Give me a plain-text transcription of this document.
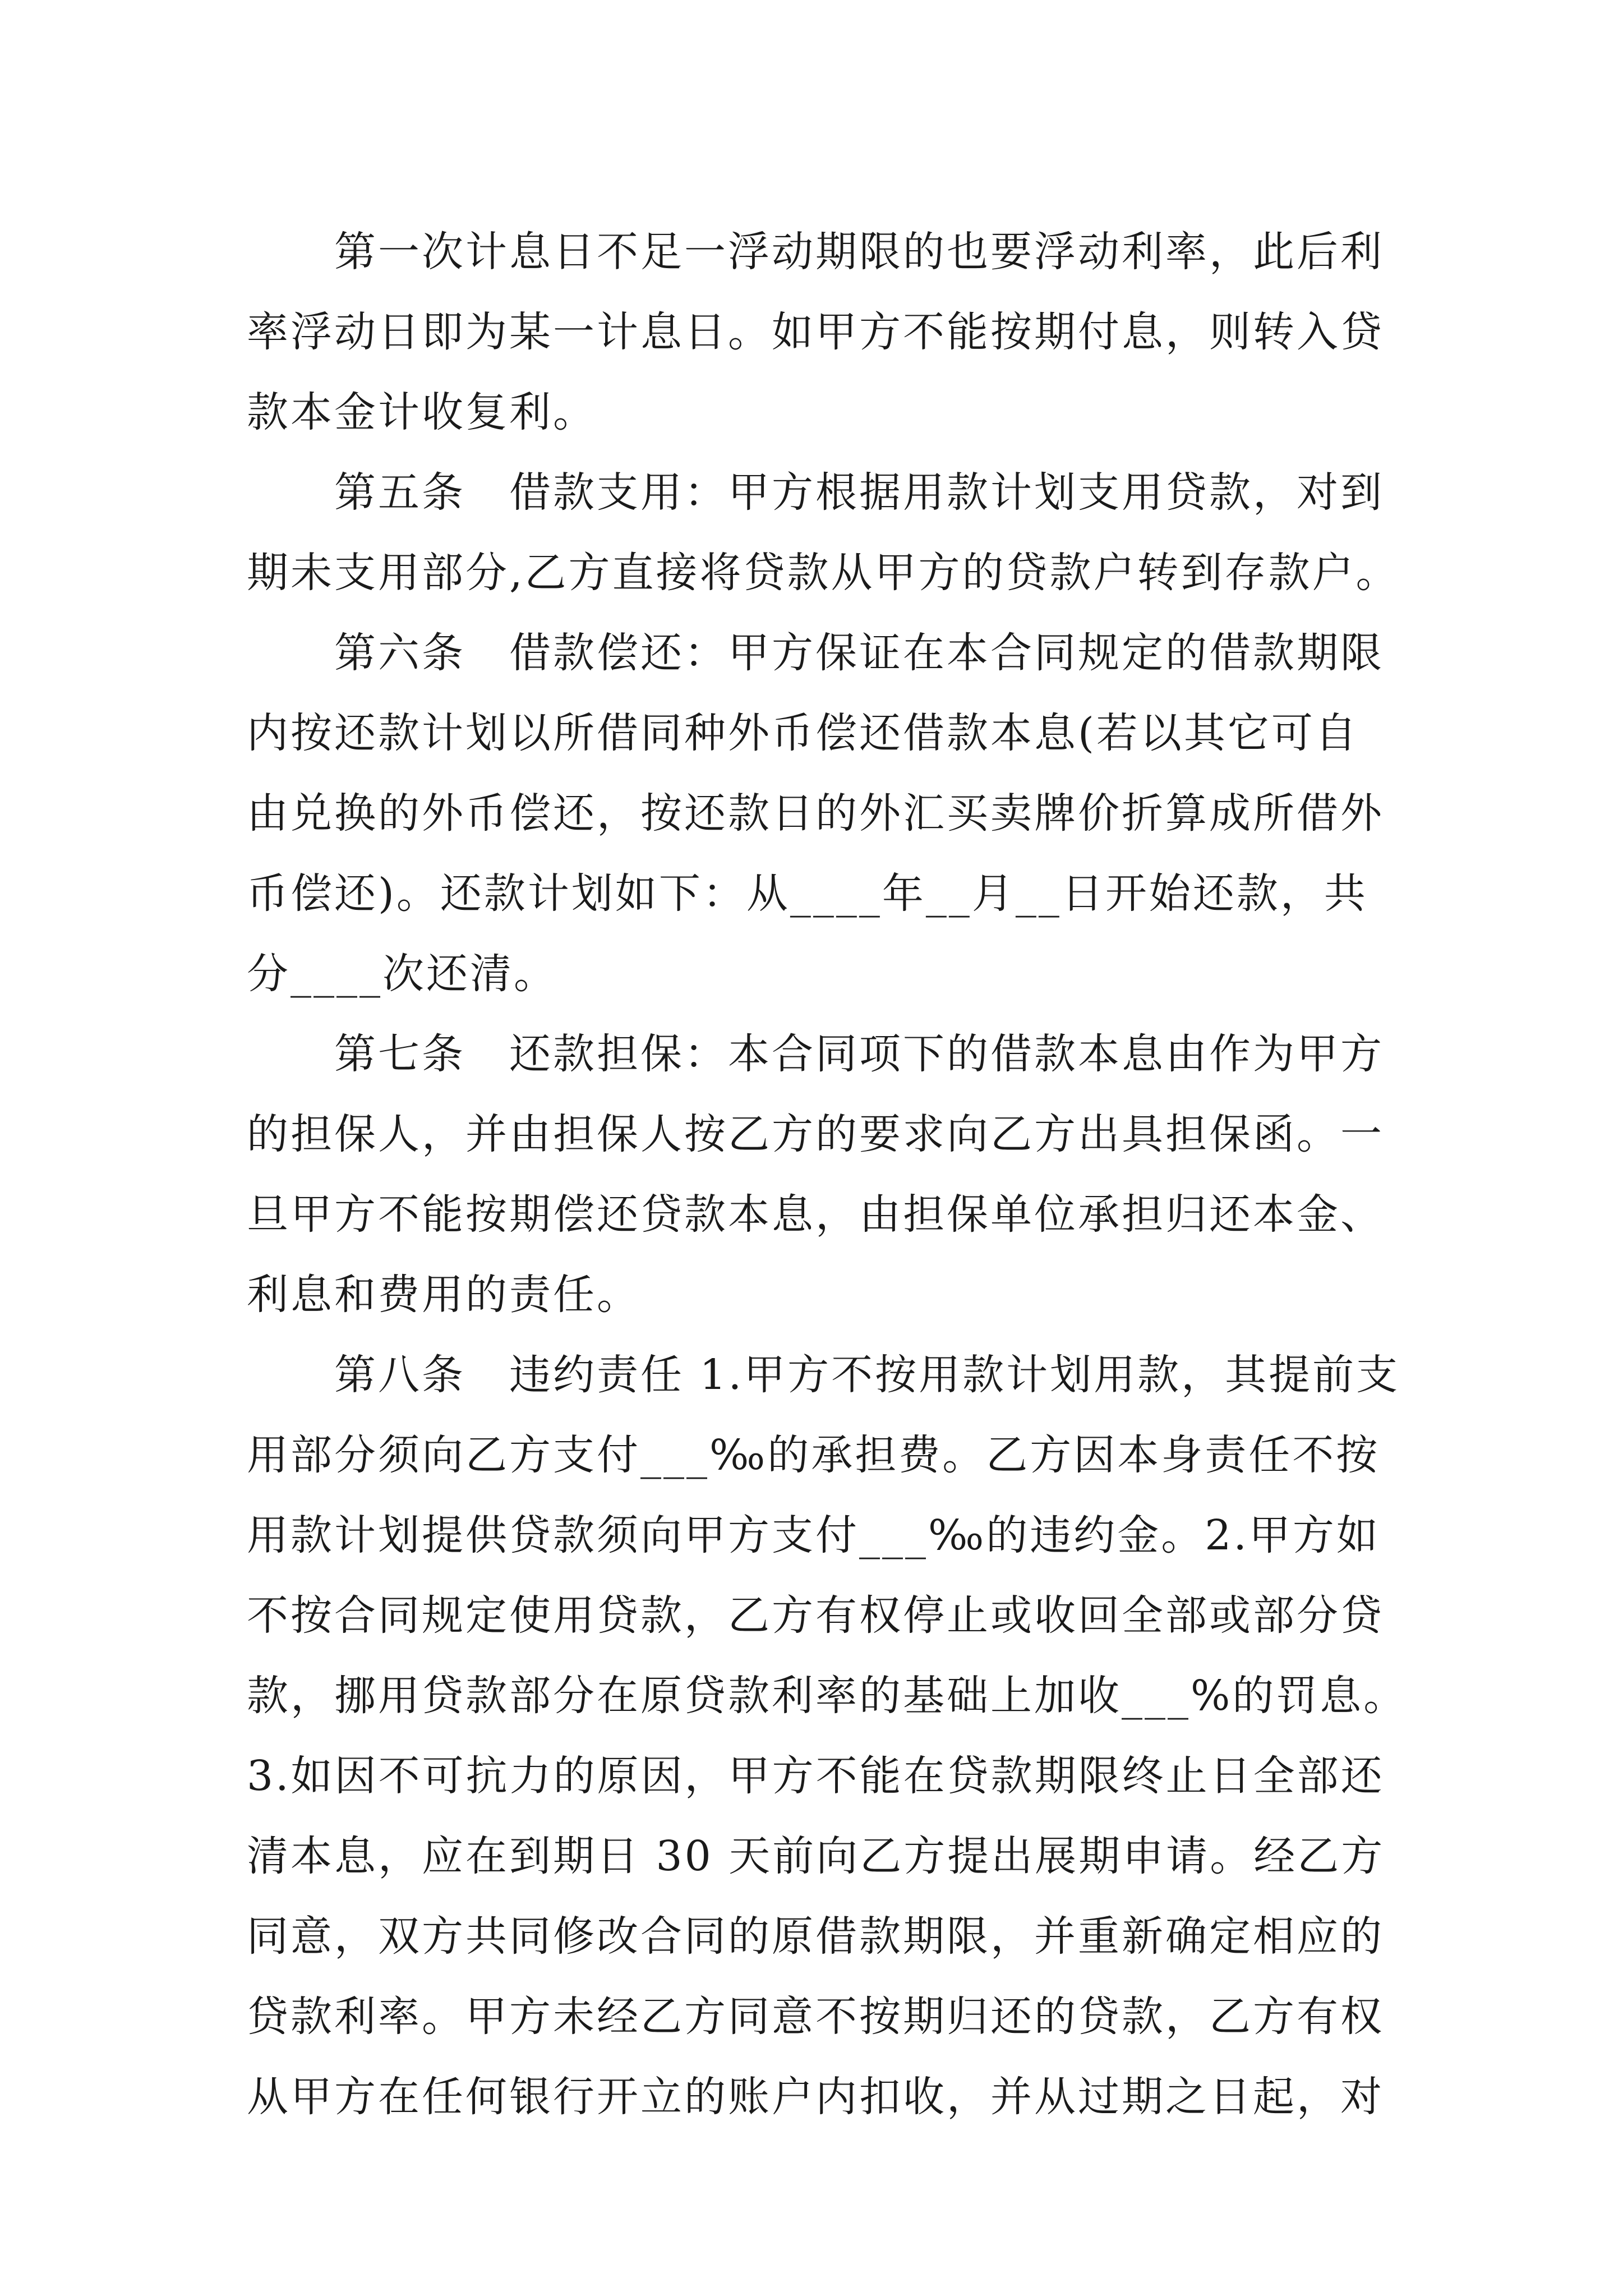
第一次计息日不足一浮动期限的也要浮动利率，此后利
率浮动日即为某一计息日。如甲方不能按期付息，则转入贷
款本金计收复利。
第五条　借款支用：甲方根据用款计划支用贷款，对到
期未支用部分,乙方直接将贷款从甲方的贷款户转到存款户。
第六条　借款偿还：甲方保证在本合同规定的借款期限
内按还款计划以所借同种外币偿还借款本息(若以其它可自
由兑换的外币偿还，按还款日的外汇买卖牌价折算成所借外
币偿还)。还款计划如下：从____年__月__日开始还款，共
分____次还清。
第七条　还款担保：本合同项下的借款本息由作为甲方
的担保人，并由担保人按乙方的要求向乙方出具担保函。一
旦甲方不能按期偿还贷款本息，由担保单位承担归还本金、
利息和费用的责任。
第八条　违约责任 1.甲方不按用款计划用款，其提前支
用部分须向乙方支付___‰的承担费。乙方因本身责任不按
用款计划提供贷款须向甲方支付___‰的违约金。2.甲方如
不按合同规定使用贷款，乙方有权停止或收回全部或部分贷
款，挪用贷款部分在原贷款利率的基础上加收___%的罚息。
3.如因不可抗力的原因，甲方不能在贷款期限终止日全部还
清本息，应在到期日 30 天前向乙方提出展期申请。经乙方
同意，双方共同修改合同的原借款期限，并重新确定相应的
贷款利率。甲方未经乙方同意不按期归还的贷款，乙方有权
从甲方在任何银行开立的账户内扣收，并从过期之日起，对
